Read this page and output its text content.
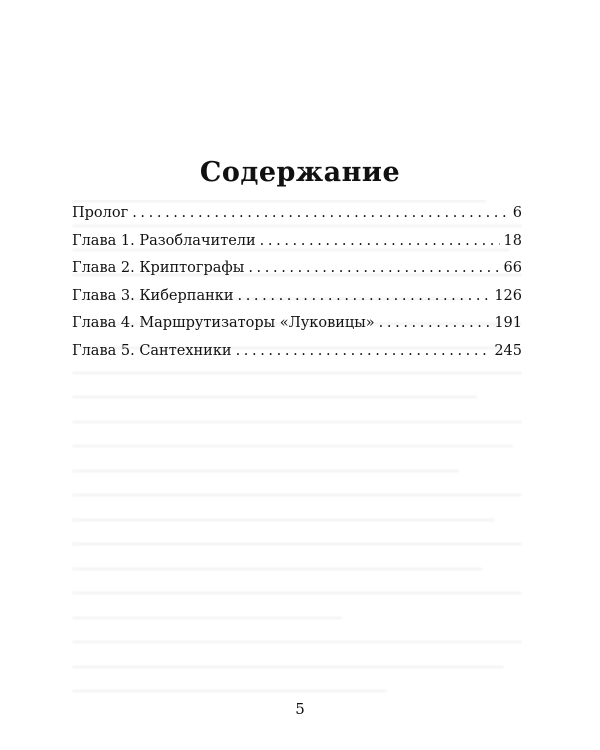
Содержание
Пролог . . .	6
Глава 1. Разоблачители . . .	18
Глава 2. Криптографы . . .	66
Глава 3. Киберпанки . . .	126
Глава 4. Маршрутизаторы «Луковицы» . . .	191
Глава 5. Сантехники . . .	245
5
